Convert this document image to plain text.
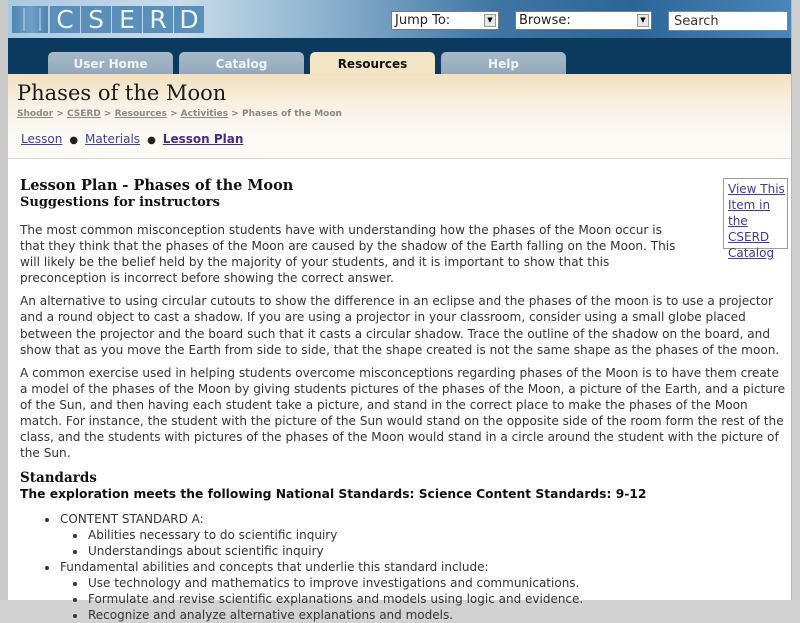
C S E R D	Jump To:	▼	Browse:	▼
Search
User Home	Catalog	Resources	Help
Phases of the Moon
Shodor > CSERD > Resources > Activities > Phases of the Moon
Lesson ● Materials ● Lesson Plan
View This Item in the CSERD Catalog
Lesson Plan - Phases of the Moon
Suggestions for instructors

The most common misconception students have with understanding how the phases of the Moon occur is that they think that the phases of the Moon are caused by the shadow of the Earth falling on the Moon. This will likely be the belief held by the majority of your students, and it is important to show that this preconception is incorrect before showing the correct answer.

An alternative to using circular cutouts to show the difference in an eclipse and the phases of the moon is to use a projector and a round object to cast a shadow. If you are using a projector in your classroom, consider using a small globe placed between the projector and the board such that it casts a circular shadow. Trace the outline of the shadow on the board, and show that as you move the Earth from side to side, that the shape created is not the same shape as the phases of the moon.

A common exercise used in helping students overcome misconceptions regarding phases of the Moon is to have them create a model of the phases of the Moon by giving students pictures of the phases of the Moon, a picture of the Earth, and a picture of the Sun, and then having each student take a picture, and stand in the correct place to make the phases of the Moon match. For instance, the student with the picture of the Sun would stand on the opposite side of the room form the rest of the class, and the students with pictures of the phases of the Moon would stand in a circle around the student with the picture of the Sun.

Standards
The exploration meets the following National Standards: Science Content Standards: 9-12
• CONTENT STANDARD A:
• Abilities necessary to do scientific inquiry
• Understandings about scientific inquiry
• Fundamental abilities and concepts that underlie this standard include:
• Use technology and mathematics to improve investigations and communications.
• Formulate and revise scientific explanations and models using logic and evidence.
• Recognize and analyze alternative explanations and models.
